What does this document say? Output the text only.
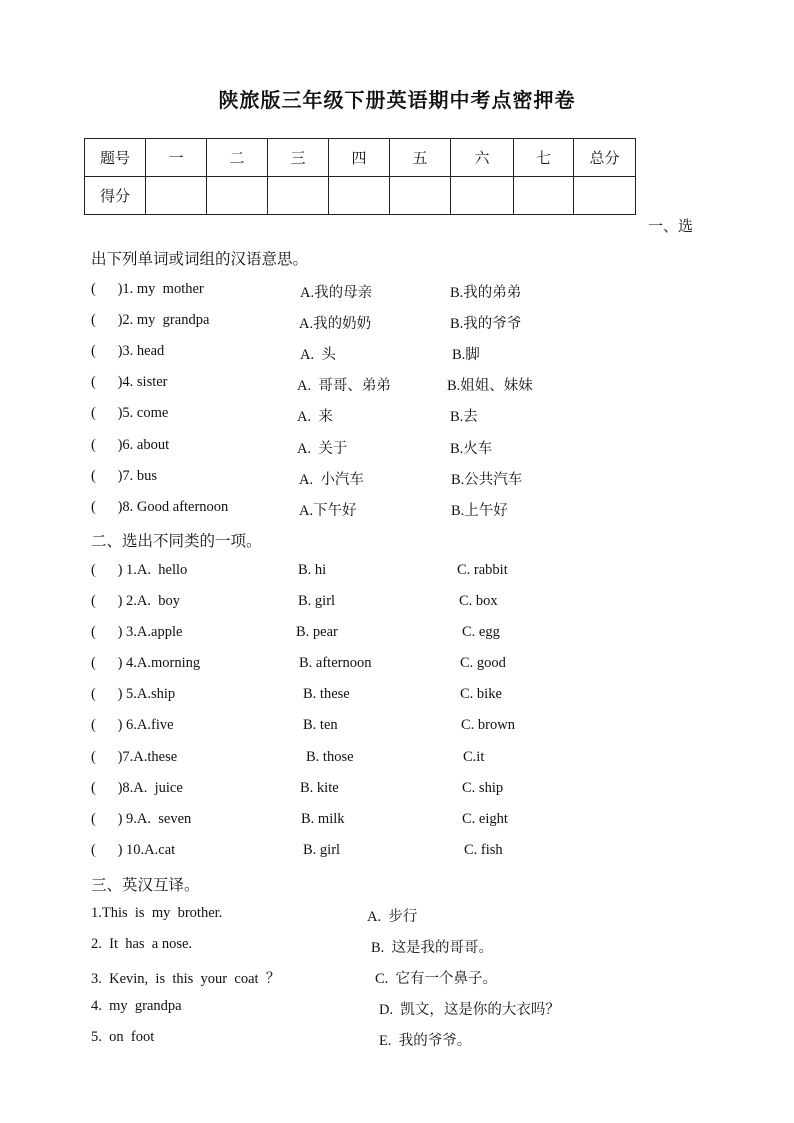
陕旅版三年级下册英语期中考点密押卷
题号	一	二	三	四	五	六	七	总分
得分								
一、选
出下列单词或词组的汉语意思。
(      )1. my  mother	A.我的母亲	B.我的弟弟
(      )2. my  grandpa	A.我的奶奶	B.我的爷爷
(      )3. head	A.  头	B.脚
(      )4. sister	A.  哥哥、弟弟	B.姐姐、妹妹
(      )5. come	A.  来	B.去
(      )6. about	A.  关于	B.火车
(      )7. bus	A.  小汽车	B.公共汽车
(      )8. Good afternoon	A.下午好	B.上午好
二、选出不同类的一项。
(      ) 1.A.  hello	B. hi	C. rabbit
(      ) 2.A.  boy	B. girl	C. box
(      ) 3.A.apple	B. pear	C. egg
(      ) 4.A.morning	B. afternoon	C. good
(      ) 5.A.ship	B. these	C. bike
(      ) 6.A.five	B. ten	C. brown
(      )7.A.these	B. those	C.it
(      )8.A.  juice	B. kite	C. ship
(      ) 9.A.  seven	B. milk	C. eight
(      ) 10.A.cat	B. girl	C. fish
三、英汉互译。
1.This  is  my  brother.	A.  步行
2.  It  has  a nose.	B.  这是我的哥哥。
3.  Kevin,  is  this  your  coat  ？	C.  它有一个鼻子。
4.  my  grandpa	D.  凯文，这是你的大衣吗？
5.  on  foot	E.  我的爷爷。
